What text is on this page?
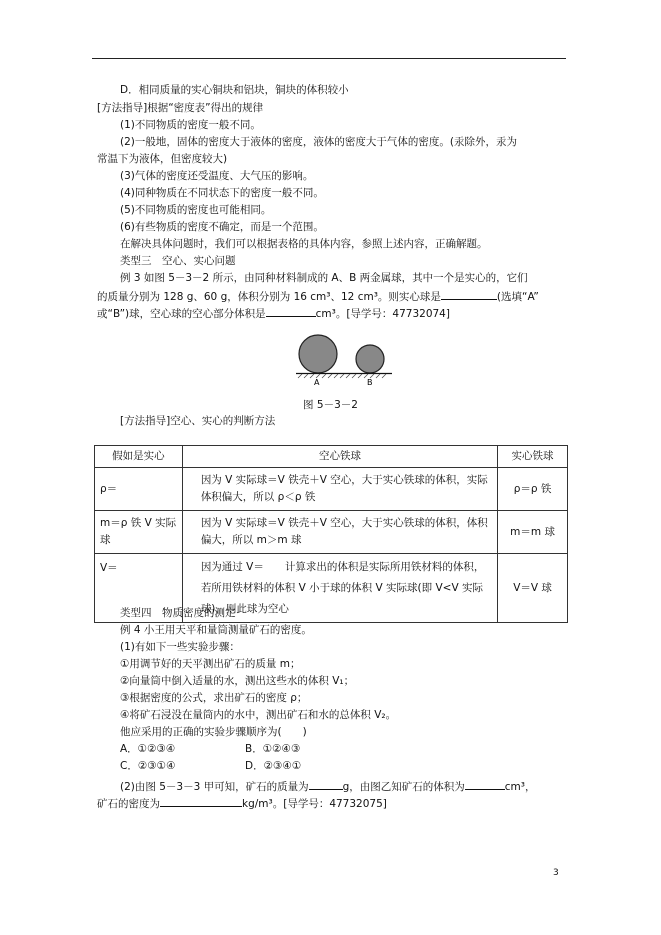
D．相同质量的实心铜块和铝块，铜块的体积较小
[方法指导]根据“密度表”得出的规律
(1)不同物质的密度一般不同。
(2)一般地，固体的密度大于液体的密度，液体的密度大于气体的密度。(汞除外，汞为
常温下为液体，但密度较大)
(3)气体的密度还受温度、大气压的影响。
(4)同种物质在不同状态下的密度一般不同。
(5)不同物质的密度也可能相同。
(6)有些物质的密度不确定，而是一个范围。
在解决具体问题时，我们可以根据表格的具体内容，参照上述内容，正确解题。
类型三　空心、实心问题
例 3 如图 5－3－2 所示，由同种材料制成的 A、B 两金属球，其中一个是实心的，它们
的质量分别为 128 g、60 g，体积分别为 16 cm³、12 cm³。则实心球是	(选填“A”
或“B”)球，空心球的空心部分体积是	cm³。[导学号：47732074]
A	B
图 5－3－2
[方法指导]空心、实心的判断方法
假如是实心	空心铁球	实心铁球
ρ＝	因为 V 实际球＝V 铁壳＋V 空心，大于实心铁球的体积，实际体积偏大，所以 ρ＜ρ 铁	ρ＝ρ 铁
m＝ρ 铁 V 实际球	因为 V 实际球＝V 铁壳＋V 空心，大于实心铁球的体积，体积偏大，所以 m＞m 球	m＝m 球
V＝	因为通过 V＝　　计算求出的体积是实际所用铁材料的体积，若所用铁材料的体积 V 小于球的体积 V 实际球(即 V<V 实际球)，则此球为空心	V＝V 球
类型四　物质密度的测定
例 4 小王用天平和量筒测量矿石的密度。
(1)有如下一些实验步骤：
①用调节好的天平测出矿石的质量 m；
②向量筒中倒入适量的水，测出这些水的体积 V₁；
③根据密度的公式，求出矿石的密度 ρ；
④将矿石浸没在量筒内的水中，测出矿石和水的总体积 V₂。
他应采用的正确的实验步骤顺序为(　　)
A．①②③④	B．①②④③
C．②③①④	D．②③④①
(2)由图 5－3－3 甲可知，矿石的质量为	g，由图乙知矿石的体积为	cm³，
矿石的密度为	kg/m³。[导学号：47732075]
3
